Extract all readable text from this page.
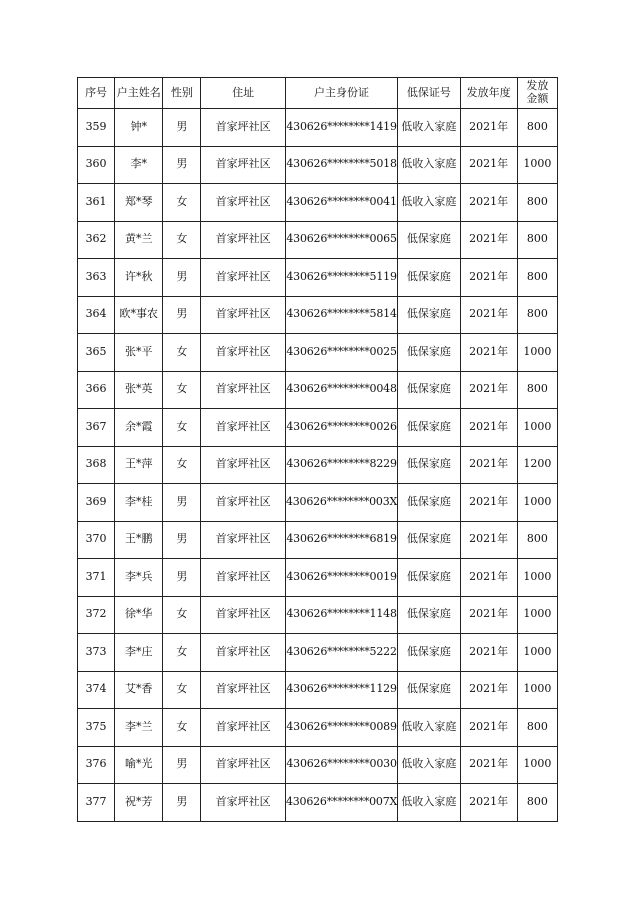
序号	户主姓名	性别	住址	户主身份证	低保证号	发放年度	发放金额

359	钟*	男	首家坪社区	430626********1419	低收入家庭	2021年	800
360	李*	男	首家坪社区	430626********5018	低收入家庭	2021年	1000
361	郑*琴	女	首家坪社区	430626********0041	低收入家庭	2021年	800
362	黄*兰	女	首家坪社区	430626********0065	低保家庭	2021年	800
363	许*秋	男	首家坪社区	430626********5119	低保家庭	2021年	800
364	欧*事农	男	首家坪社区	430626********5814	低保家庭	2021年	800
365	张*平	女	首家坪社区	430626********0025	低保家庭	2021年	1000
366	张*英	女	首家坪社区	430626********0048	低保家庭	2021年	800
367	余*霞	女	首家坪社区	430626********0026	低保家庭	2021年	1000
368	王*萍	女	首家坪社区	430626********8229	低保家庭	2021年	1200
369	李*桂	男	首家坪社区	430626********003X	低保家庭	2021年	1000
370	王*鹏	男	首家坪社区	430626********6819	低保家庭	2021年	800
371	李*兵	男	首家坪社区	430626********0019	低保家庭	2021年	1000
372	徐*华	女	首家坪社区	430626********1148	低保家庭	2021年	1000
373	李*庄	女	首家坪社区	430626********5222	低保家庭	2021年	1000
374	艾*香	女	首家坪社区	430626********1129	低保家庭	2021年	1000
375	李*兰	女	首家坪社区	430626********0089	低收入家庭	2021年	800
376	喻*光	男	首家坪社区	430626********0030	低收入家庭	2021年	1000
377	祝*芳	男	首家坪社区	430626********007X	低收入家庭	2021年	800
